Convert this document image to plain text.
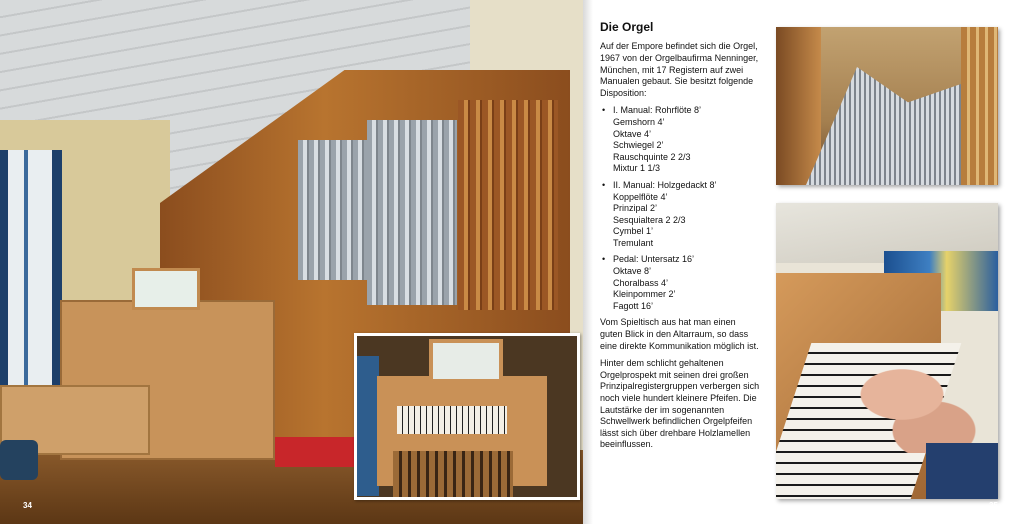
34
Die Orgel

Auf der Empore befindet sich die Orgel, 1967 von der Orgelbaufirma Nenninger, München, mit 17 Registern auf zwei Manualen gebaut. Sie besitzt folgende Disposition:

• I. Manual: Rohrflöte 8’
Gemshorn 4’
Oktave 4’
Schwiegel 2’
Rauschquinte 2 2/3
Mixtur 1 1/3
• II. Manual: Holzgedackt 8’
Koppelflöte 4’
Prinzipal 2’
Sesquialtera 2 2/3
Cymbel 1’
Tremulant
• Pedal: Untersatz 16’
Oktave 8’
Choralbass 4’
Kleinpommer 2’
Fagott 16’

Vom Spieltisch aus hat man einen guten Blick in den Altarraum, so dass eine direkte Kommunikation möglich ist.

Hinter dem schlicht gehaltenen Orgelprospekt mit seinen drei großen Prinzipalregistergruppen verbergen sich noch viele hundert kleinere Pfeifen. Die Lautstärke der im sogenannten Schwellwerk befindlichen Orgelpfeifen lässt sich über drehbare Holzlamellen beeinflussen.

35
